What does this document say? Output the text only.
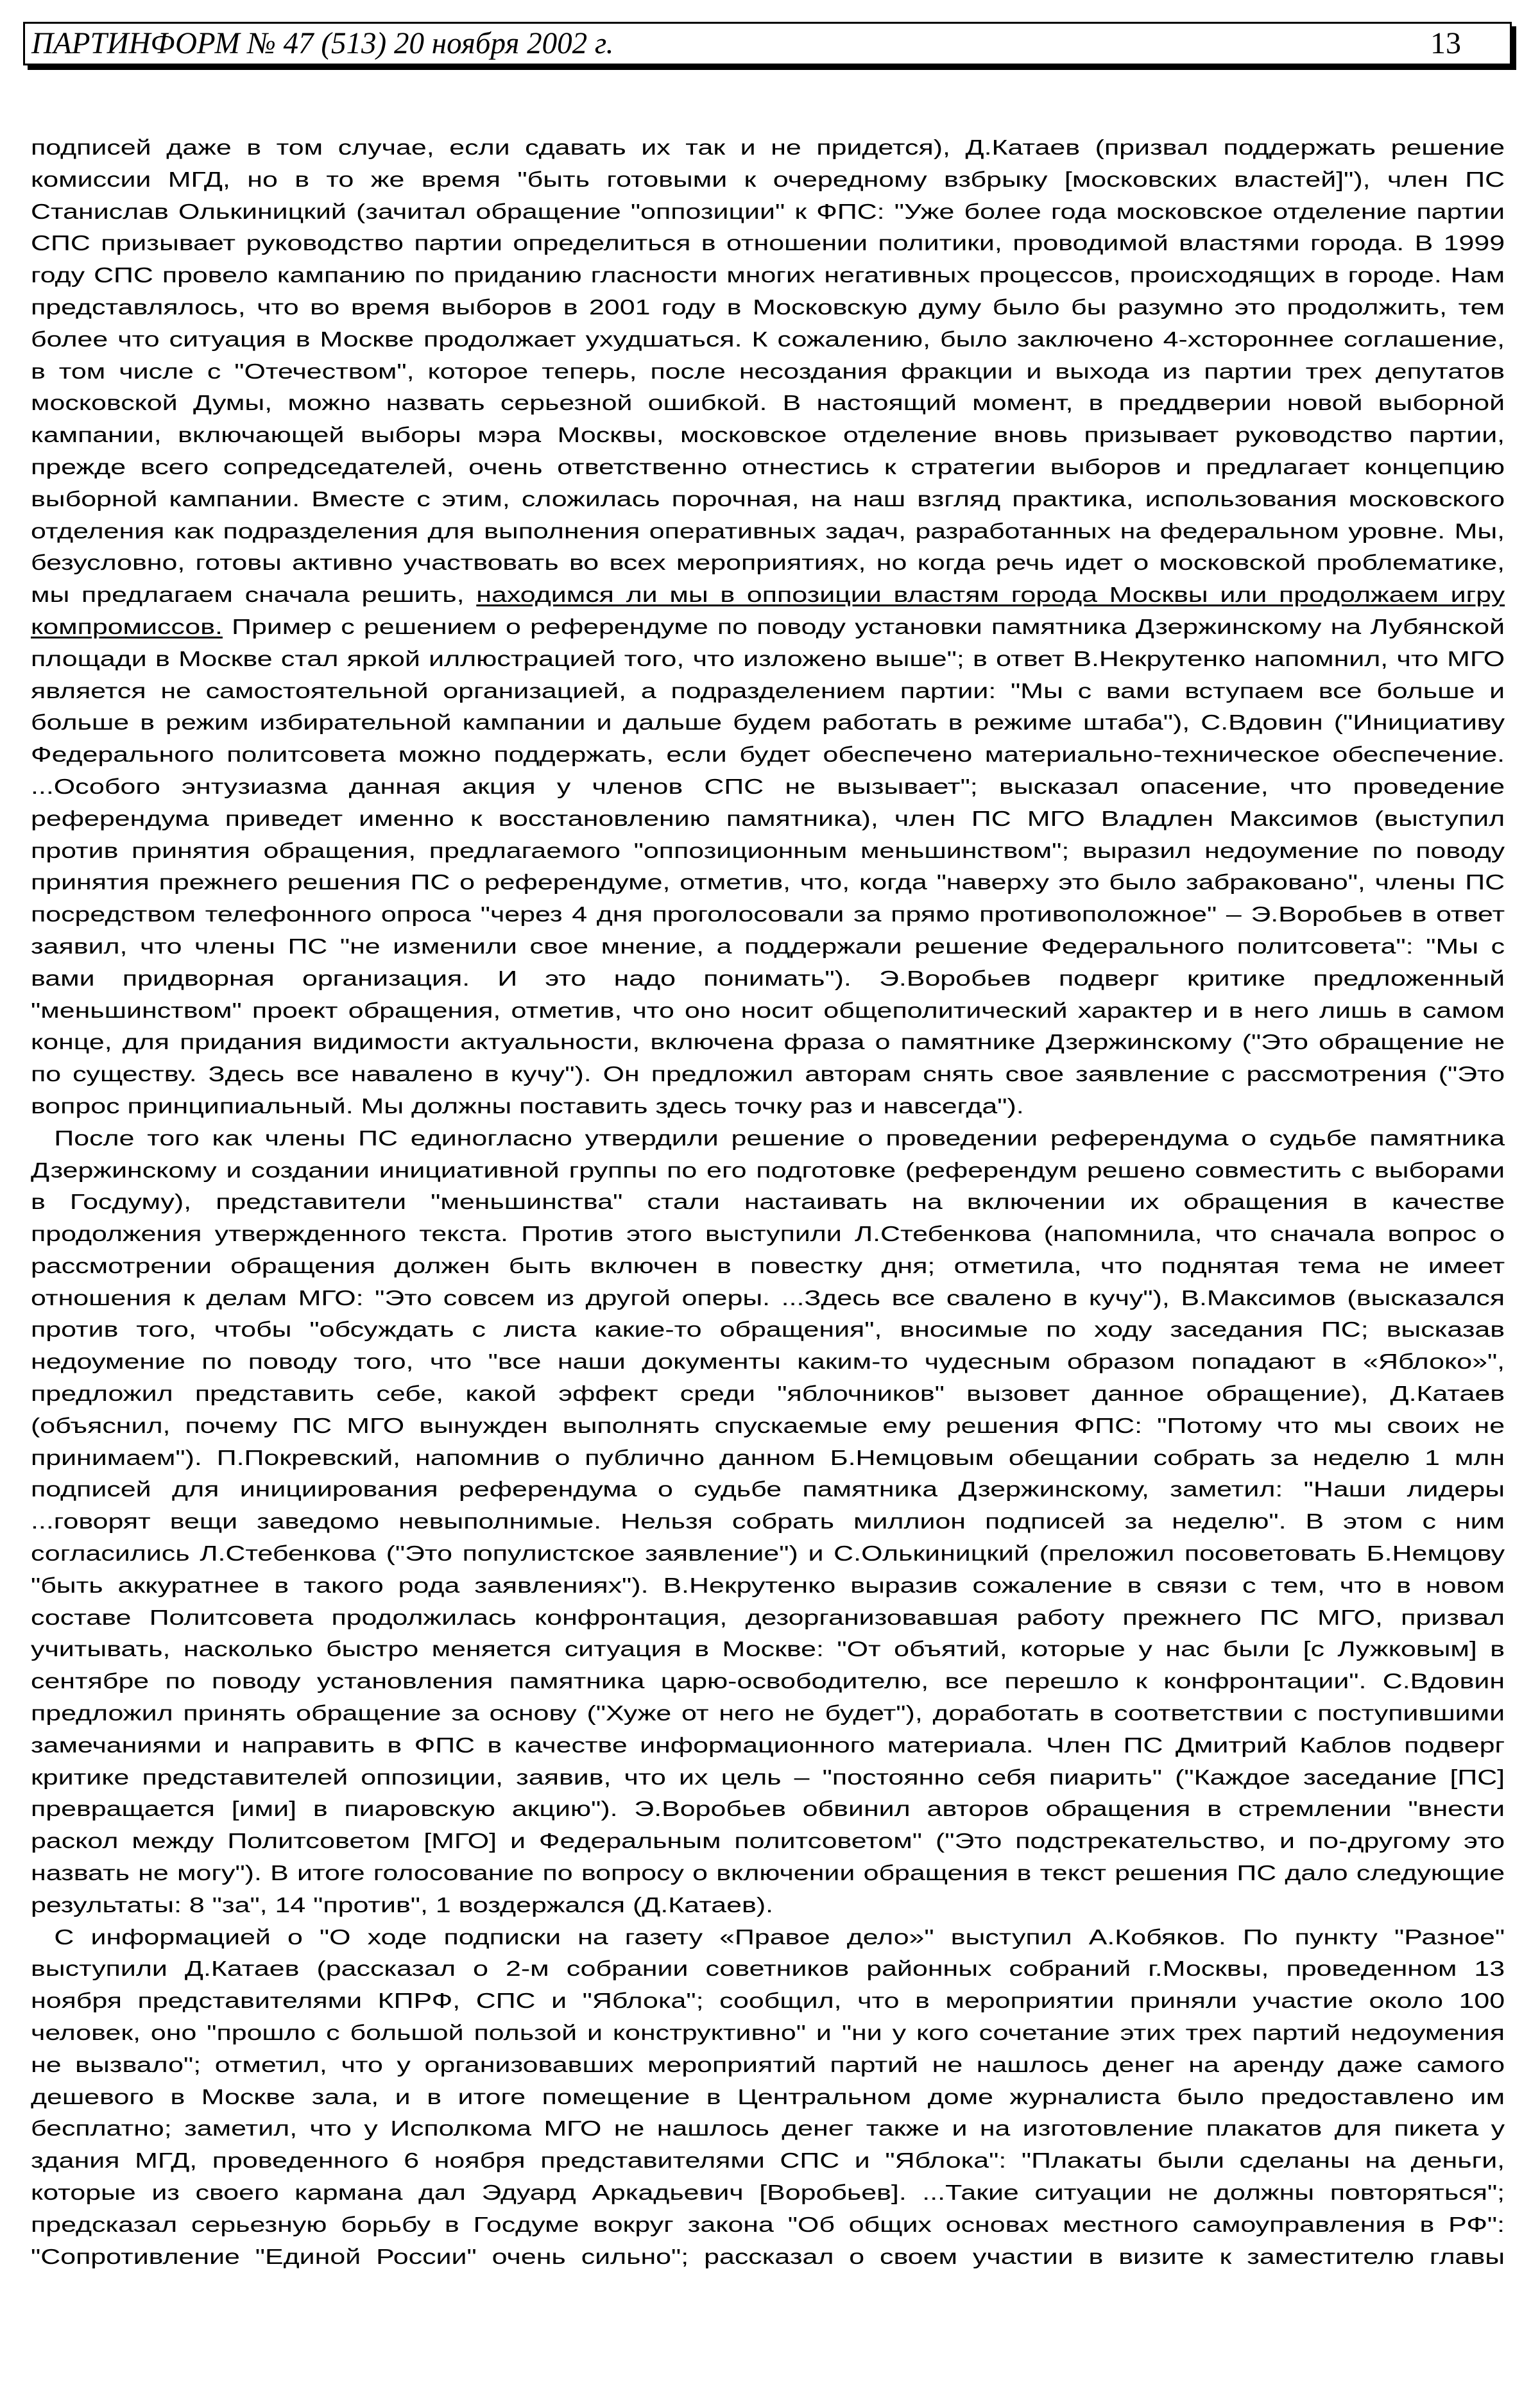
ПАРТИНФОРМ № 47 (513) 20 ноября 2002 г.	13
подписей даже в том случае, если сдавать их так и не придется), Д.Катаев (призвал поддержать решение
комиссии МГД, но в то же время "быть готовыми к очередному взбрыку [московских властей]"), член ПС
Станислав Олькиницкий (зачитал обращение "оппозиции" к ФПС: "Уже более года московское отделение партии
СПС призывает руководство партии определиться в отношении политики, проводимой властями города. В 1999
году СПС провело кампанию по приданию гласности многих негативных процессов, происходящих в городе. Нам
представлялось, что во время выборов в 2001 году в Московскую думу было бы разумно это продолжить, тем
более что ситуация в Москве продолжает ухудшаться. К сожалению, было заключено 4-хстороннее соглашение,
в том числе с "Отечеством", которое теперь, после несоздания фракции и выхода из партии трех депутатов
московской Думы, можно назвать серьезной ошибкой. В настоящий момент, в преддверии новой выборной
кампании, включающей выборы мэра Москвы, московское отделение вновь призывает руководство партии,
прежде всего сопредседателей, очень ответственно отнестись к стратегии выборов и предлагает концепцию
выборной кампании. Вместе с этим, сложилась порочная, на наш взгляд практика, использования московского
отделения как подразделения для выполнения оперативных задач, разработанных на федеральном уровне. Мы,
безусловно, готовы активно участвовать во всех мероприятиях, но когда речь идет о московской проблематике,
мы предлагаем сначала решить, находимся ли мы в оппозиции властям города Москвы или продолжаем игру
компромиссов. Пример с решением о референдуме по поводу установки памятника Дзержинскому на Лубянской
площади в Москве стал яркой иллюстрацией того, что изложено выше"; в ответ В.Некрутенко напомнил, что МГО
является не самостоятельной организацией, а подразделением партии: "Мы с вами вступаем все больше и
больше в режим избирательной кампании и дальше будем работать в режиме штаба"), С.Вдовин ("Инициативу
Федерального политсовета можно поддержать, если будет обеспечено материально-техническое обеспечение.
...Особого энтузиазма данная акция у членов СПС не вызывает"; высказал опасение, что проведение
референдума приведет именно к восстановлению памятника), член ПС МГО Владлен Максимов (выступил
против принятия обращения, предлагаемого "оппозиционным меньшинством"; выразил недоумение по поводу
принятия прежнего решения ПС о референдуме, отметив, что, когда "наверху это было забраковано", члены ПС
посредством телефонного опроса "через 4 дня проголосовали за прямо противоположное" – Э.Воробьев в ответ
заявил, что члены ПС "не изменили свое мнение, а поддержали решение Федерального политсовета": "Мы с
вами придворная организация. И это надо понимать"). Э.Воробьев подверг критике предложенный
"меньшинством" проект обращения, отметив, что оно носит общеполитический характер и в него лишь в самом
конце, для придания видимости актуальности, включена фраза о памятнике Дзержинскому ("Это обращение не
по существу. Здесь все навалено в кучу"). Он предложил авторам снять свое заявление с рассмотрения ("Это
вопрос принципиальный. Мы должны поставить здесь точку раз и навсегда").
После того как члены ПС единогласно утвердили решение о проведении референдума о судьбе памятника
Дзержинскому и создании инициативной группы по его подготовке (референдум решено совместить с выборами
в Госдуму), представители "меньшинства" стали настаивать на включении их обращения в качестве
продолжения утвержденного текста. Против этого выступили Л.Стебенкова (напомнила, что сначала вопрос о
рассмотрении обращения должен быть включен в повестку дня; отметила, что поднятая тема не имеет
отношения к делам МГО: "Это совсем из другой оперы. ...Здесь все свалено в кучу"), В.Максимов (высказался
против того, чтобы "обсуждать с листа какие-то обращения", вносимые по ходу заседания ПС; высказав
недоумение по поводу того, что "все наши документы каким-то чудесным образом попадают в «Яблоко»",
предложил представить себе, какой эффект среди "яблочников" вызовет данное обращение), Д.Катаев
(объяснил, почему ПС МГО вынужден выполнять спускаемые ему решения ФПС: "Потому что мы своих не
принимаем"). П.Покревский, напомнив о публично данном Б.Немцовым обещании собрать за неделю 1 млн
подписей для инициирования референдума о судьбе памятника Дзержинскому, заметил: "Наши лидеры
...говорят вещи заведомо невыполнимые. Нельзя собрать миллион подписей за неделю". В этом с ним
согласились Л.Стебенкова ("Это популистское заявление") и С.Олькиницкий (преложил посоветовать Б.Немцову
"быть аккуратнее в такого рода заявлениях"). В.Некрутенко выразив сожаление в связи с тем, что в новом
составе Политсовета продолжилась конфронтация, дезорганизовавшая работу прежнего ПС МГО, призвал
учитывать, насколько быстро меняется ситуация в Москве: "От объятий, которые у нас были [с Лужковым] в
сентябре по поводу установления памятника царю-освободителю, все перешло к конфронтации". С.Вдовин
предложил принять обращение за основу ("Хуже от него не будет"), доработать в соответствии с поступившими
замечаниями и направить в ФПС в качестве информационного материала. Член ПС Дмитрий Каблов подверг
критике представителей оппозиции, заявив, что их цель – "постоянно себя пиарить" ("Каждое заседание [ПС]
превращается [ими] в пиаровскую акцию"). Э.Воробьев обвинил авторов обращения в стремлении "внести
раскол между Политсоветом [МГО] и Федеральным политсоветом" ("Это подстрекательство, и по-другому это
назвать не могу"). В итоге голосование по вопросу о включении обращения в текст решения ПС дало следующие
результаты: 8 "за", 14 "против", 1 воздержался (Д.Катаев).
С информацией о "О ходе подписки на газету «Правое дело»" выступил А.Кобяков. По пункту "Разное"
выступили Д.Катаев (рассказал о 2-м собрании советников районных собраний г.Москвы, проведенном 13
ноября представителями КПРФ, СПС и "Яблока"; сообщил, что в мероприятии приняли участие около 100
человек, оно "прошло с большой пользой и конструктивно" и "ни у кого сочетание этих трех партий недоумения
не вызвало"; отметил, что у организовавших мероприятий партий не нашлось денег на аренду даже самого
дешевого в Москве зала, и в итоге помещение в Центральном доме журналиста было предоставлено им
бесплатно; заметил, что у Исполкома МГО не нашлось денег также и на изготовление плакатов для пикета у
здания МГД, проведенного 6 ноября представителями СПС и "Яблока": "Плакаты были сделаны на деньги,
которые из своего кармана дал Эдуард Аркадьевич [Воробьев]. ...Такие ситуации не должны повторяться";
предсказал серьезную борьбу в Госдуме вокруг закона "Об общих основах местного самоуправления в РФ":
"Сопротивление "Единой России" очень сильно"; рассказал о своем участии в визите к заместителю главы
